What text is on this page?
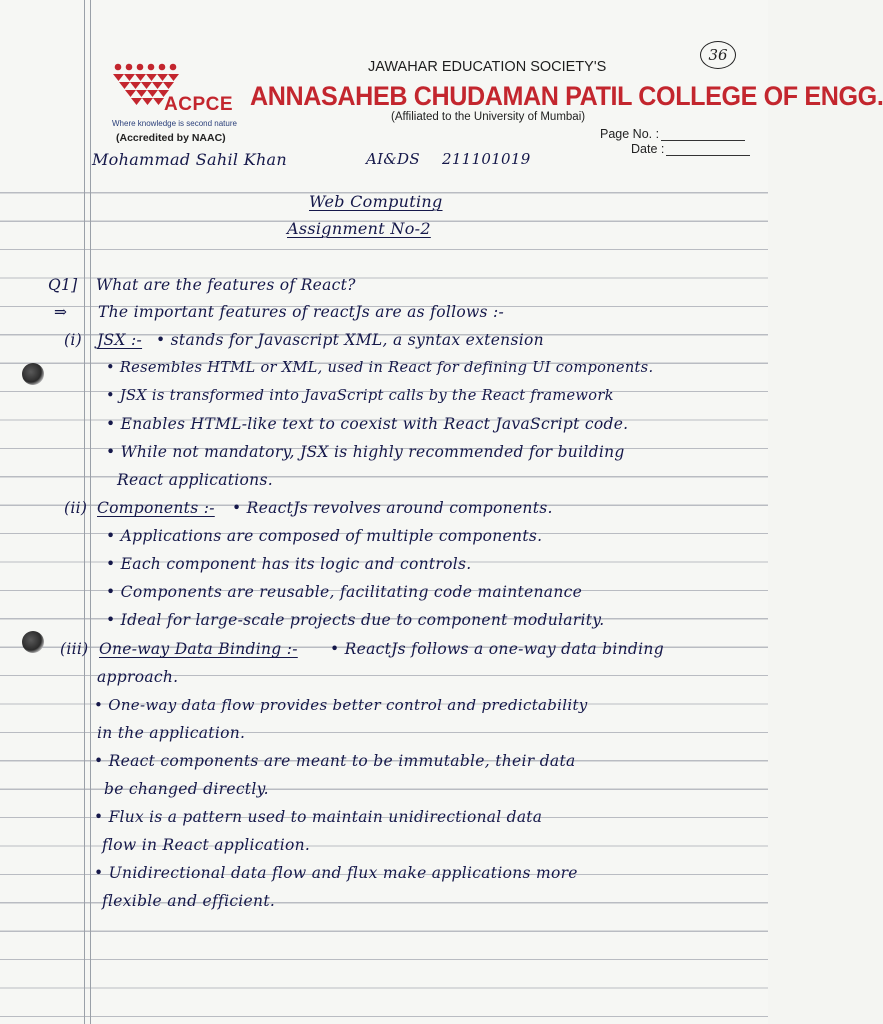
ACPCE
Where knowledge is second nature
(Accredited by NAAC)
JAWAHAR EDUCATION SOCIETY'S
ANNASAHEB CHUDAMAN PATIL COLLEGE OF ENGG.
(Affiliated to the University of Mumbai)
Page No. :
Date :
36
Mohammad Sahil Khan	AI&DS 211101019
Web Computing
Assignment No-2
Q1] What are the features of React?
⇒ The important features of reactJs are as follows :-
(i) JSX :- • stands for Javascript XML, a syntax extension
• Resembles HTML or XML, used in React for defining UI components.
• JSX is transformed into JavaScript calls by the React framework
• Enables HTML-like text to coexist with React JavaScript code.
• While not mandatory, JSX is highly recommended for building
React applications.
(ii) Components :- • ReactJs revolves around components.
• Applications are composed of multiple components.
• Each component has its logic and controls.
• Components are reusable, facilitating code maintenance
• Ideal for large-scale projects due to component modularity.
(iii) One-way Data Binding :- • ReactJs follows a one-way data binding
approach.
• One-way data flow provides better control and predictability
in the application.
• React components are meant to be immutable, their data
be changed directly.
• Flux is a pattern used to maintain unidirectional data
flow in React application.
• Unidirectional data flow and flux make applications more
flexible and efficient.
